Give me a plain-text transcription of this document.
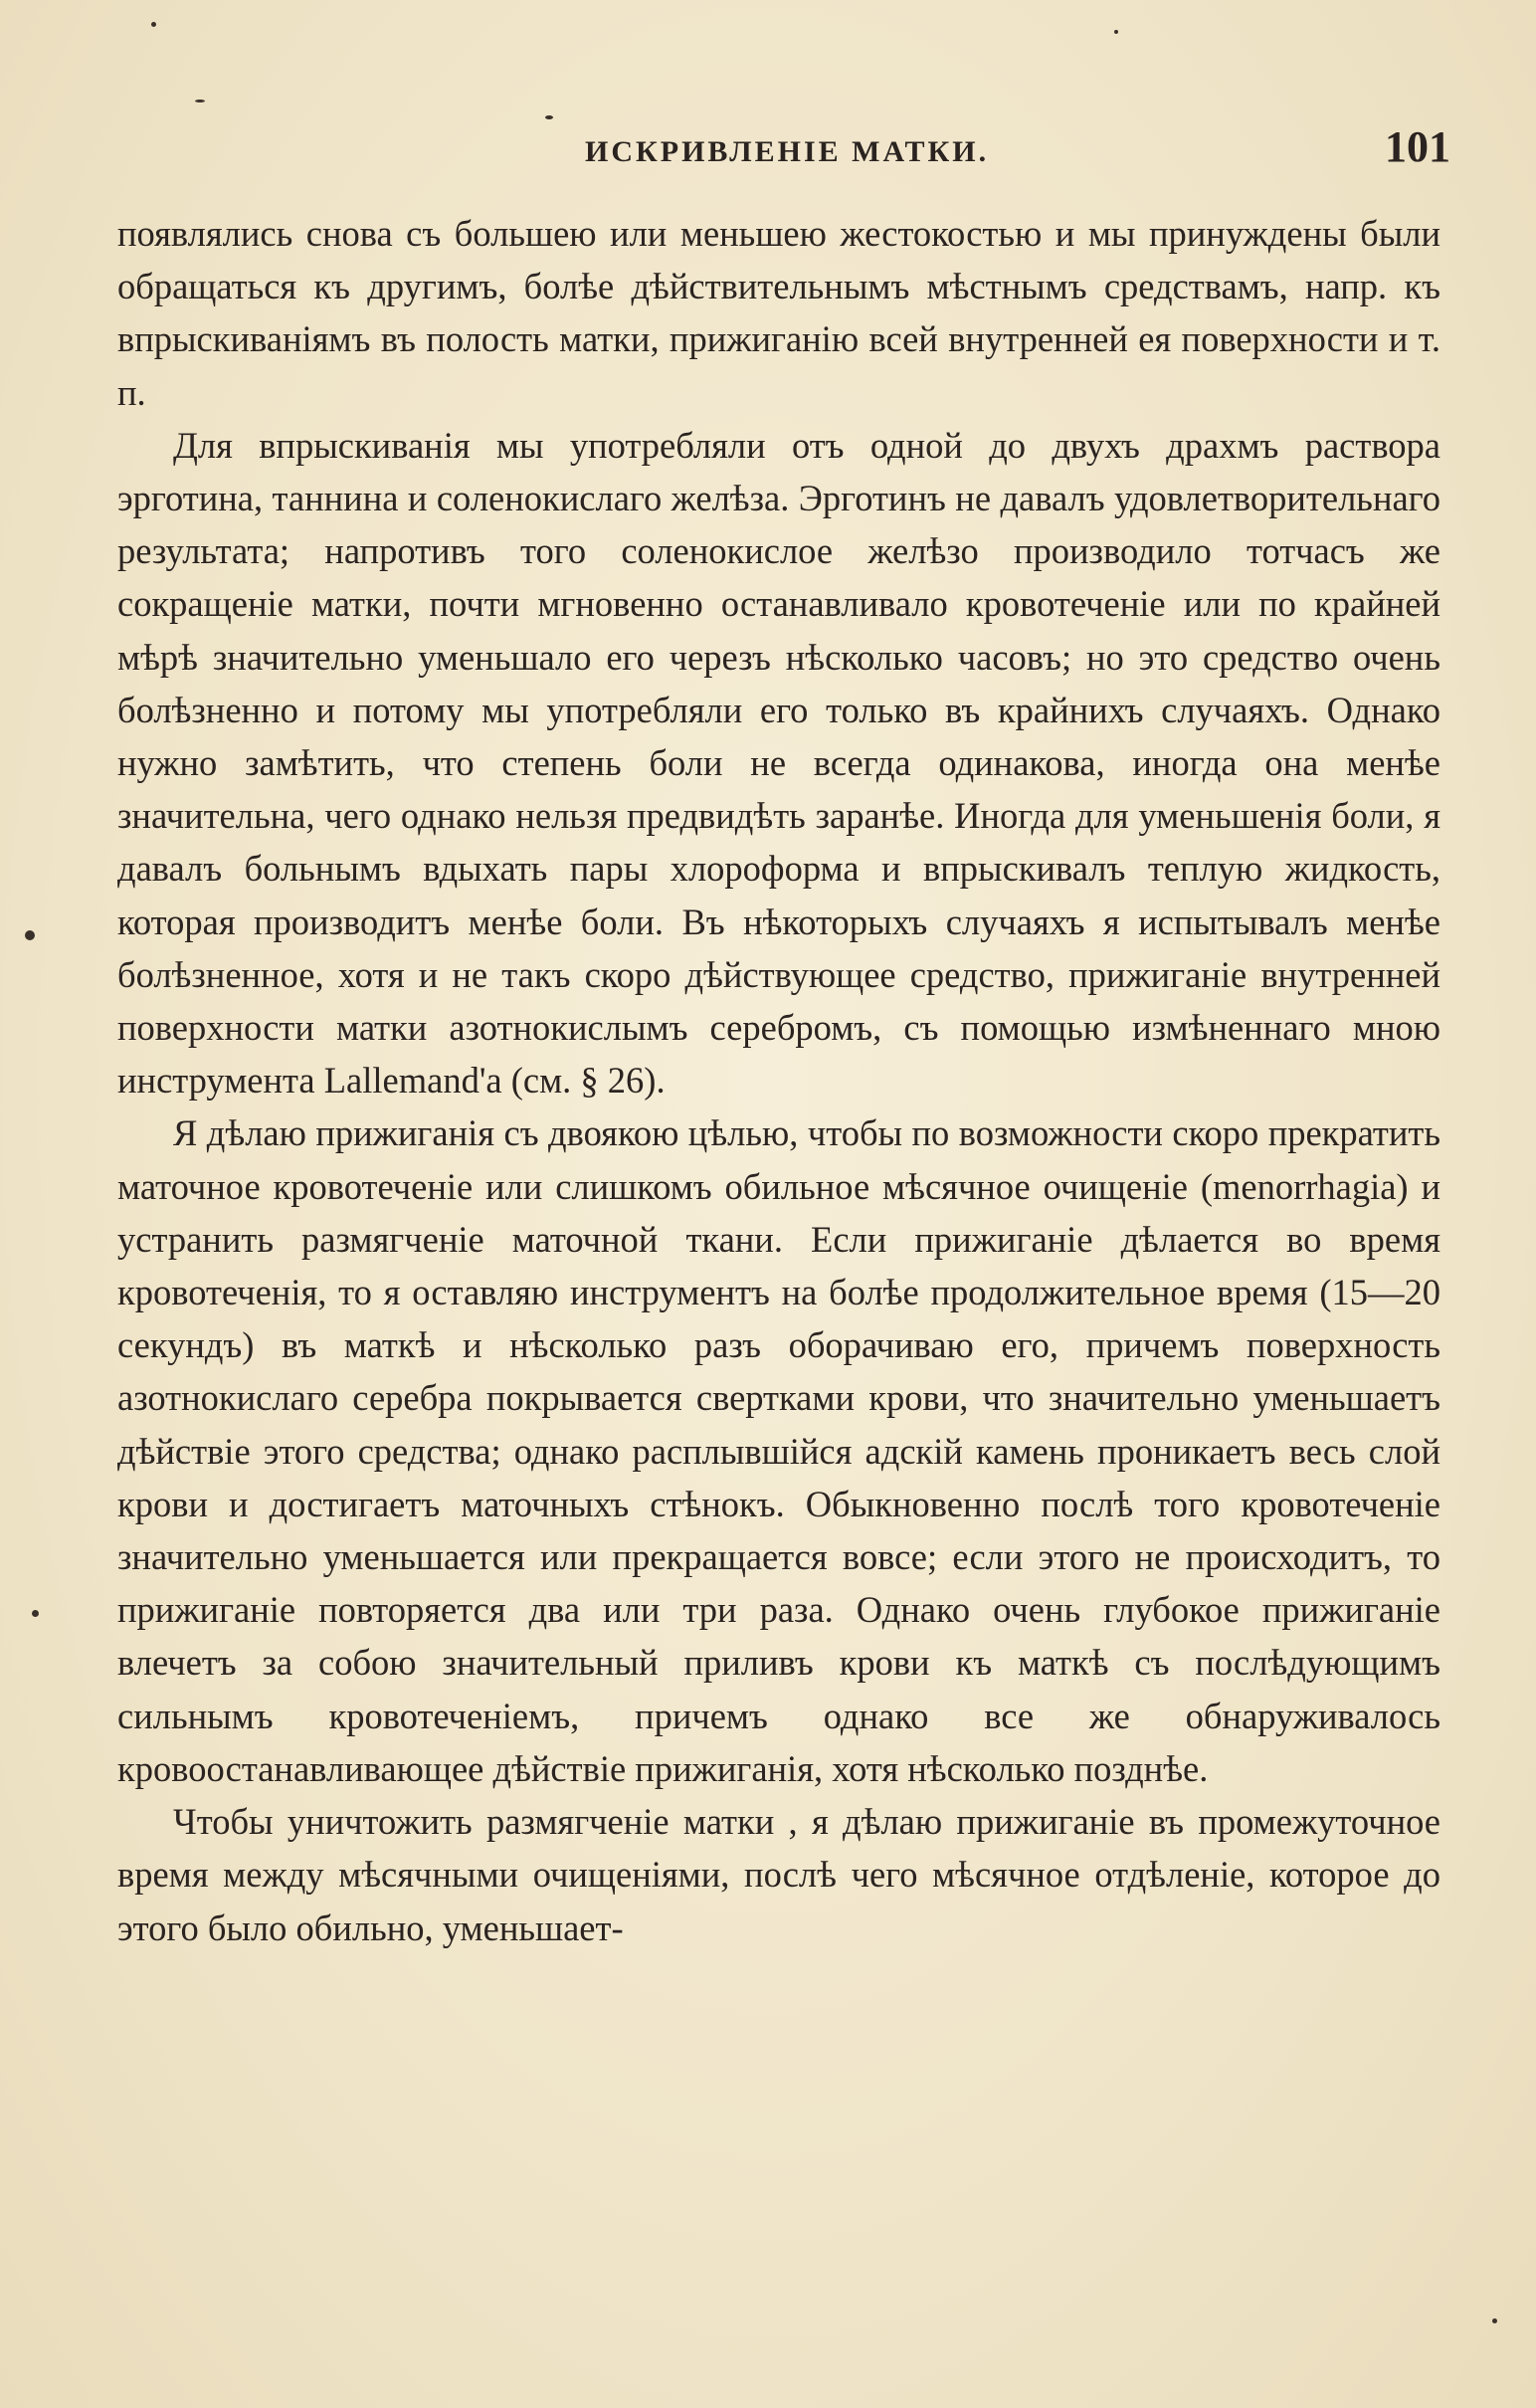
ИСКРИВЛЕНІЕ МАТКИ.	101

появлялись снова съ большею или меньшею жестокостью и мы принуждены были обращаться къ другимъ, болѣе дѣйствительнымъ мѣстнымъ средствамъ, напр. къ впрыскиванiямъ въ полость матки, прижиганiю всей внутренней ея поверхности и т. п.

Для впрыскиванiя мы употребляли отъ одной до двухъ драхмъ раствора эрготина, таннина и соленокислаго желѣза. Эрготинъ не давалъ удовлетворительнаго результата; напротивъ того соленокислое желѣзо производило тотчасъ же сокращенiе матки, почти мгновенно останавливало кровотеченiе или по крайней мѣрѣ значительно уменьшало его черезъ нѣсколько часовъ; но это средство очень болѣзненно и потому мы употребляли его только въ крайнихъ случаяхъ. Однако нужно замѣтить, что степень боли не всегда одинакова, иногда она менѣе значительна, чего однако нельзя предвидѣть заранѣе. Иногда для уменьшенiя боли, я давалъ больнымъ вдыхать пары хлороформа и впрыскивалъ теплую жидкость, которая производитъ менѣе боли. Въ нѣкоторыхъ случаяхъ я испытывалъ менѣе болѣзненное, хотя и не такъ скоро дѣйствующее средство, прижиганiе внутренней поверхности матки азотнокислымъ серебромъ, съ помощью измѣненнаго мною инструмента Lallemand'а (см. § 26).

Я дѣлаю прижиганiя съ двоякою цѣлью, чтобы по возможности скоро прекратить маточное кровотеченiе или слишкомъ обильное мѣсячное очищенiе (menorrhagia) и устранить размягченiе маточной ткани. Если прижиганiе дѣлается во время кровотеченiя, то я оставляю инструментъ на болѣе продолжительное время (15—20 секундъ) въ маткѣ и нѣсколько разъ оборачиваю его, причемъ поверхность азотнокислаго серебра покрывается свертками крови, что значительно уменьшаетъ дѣйствiе этого средства; однако расплывшiйся адскiй камень проникаетъ весь слой крови и достигаетъ маточныхъ стѣнокъ. Обыкновенно послѣ того кровотеченiе значительно уменьшается или прекращается вовсе; если этого не происходитъ, то прижиганiе повторяется два или три раза. Однако очень глубокое прижиганiе влечетъ за собою значительный приливъ крови къ маткѣ съ послѣдующимъ сильнымъ кровотеченiемъ, причемъ однако все же обнаруживалось кровоостанавливающее дѣйствiе прижиганiя, хотя нѣсколько позднѣе.

Чтобы уничтожить размягченiе матки , я дѣлаю прижиганiе въ промежуточное время между мѣсячными очищенiями, послѣ чего мѣсячное отдѣленiе, которое до этого было обильно, уменьшает-
